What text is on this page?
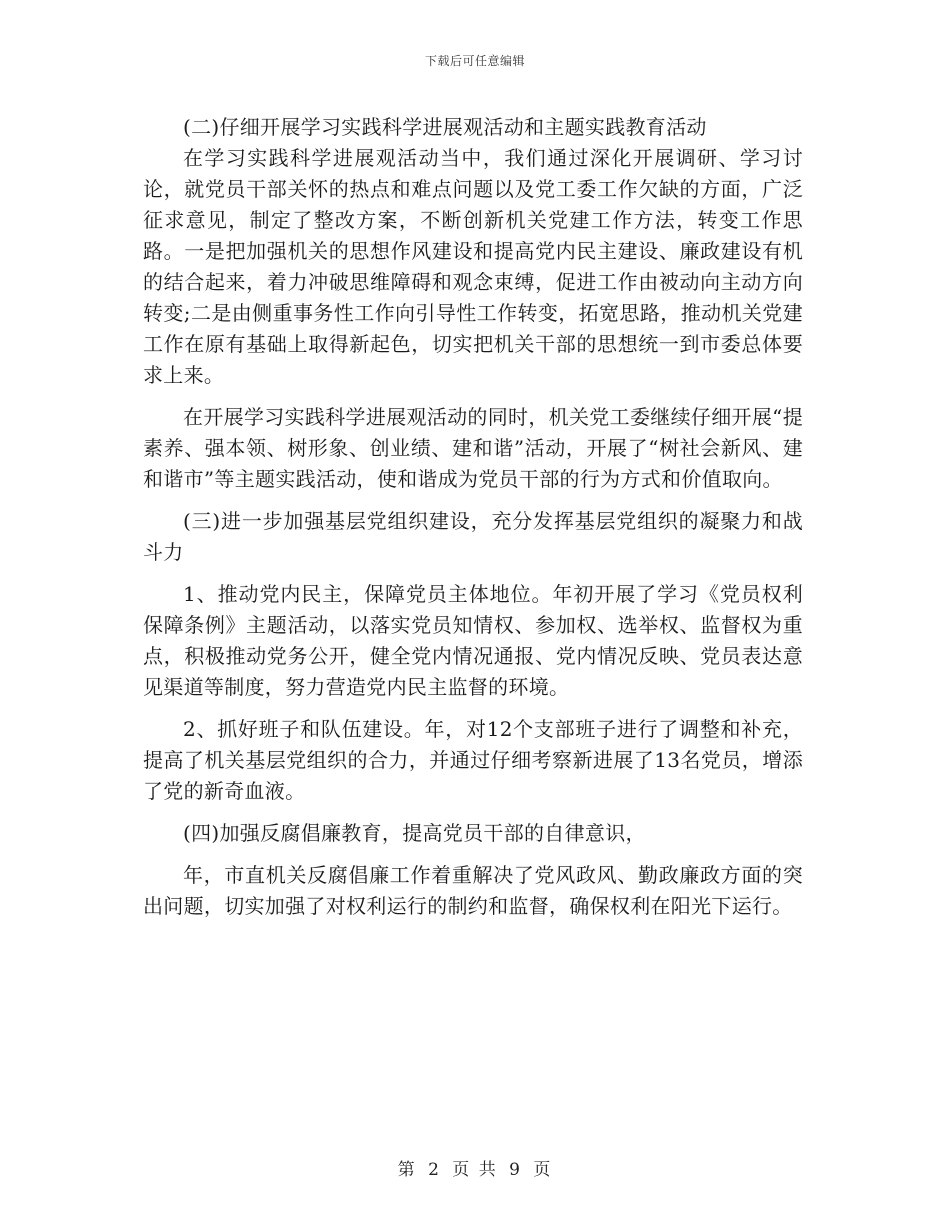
下载后可任意编辑

(二)仔细开展学习实践科学进展观活动和主题实践教育活动

在学习实践科学进展观活动当中，我们通过深化开展调研、学习讨论，就党员干部关怀的热点和难点问题以及党工委工作欠缺的方面，广泛征求意见，制定了整改方案，不断创新机关党建工作方法，转变工作思路。一是把加强机关的思想作风建设和提高党内民主建设、廉政建设有机的结合起来，着力冲破思维障碍和观念束缚，促进工作由被动向主动方向转变;二是由侧重事务性工作向引导性工作转变，拓宽思路，推动机关党建工作在原有基础上取得新起色，切实把机关干部的思想统一到市委总体要求上来。

在开展学习实践科学进展观活动的同时，机关党工委继续仔细开展“提素养、强本领、树形象、创业绩、建和谐”活动，开展了“树社会新风、建和谐市”等主题实践活动，使和谐成为党员干部的行为方式和价值取向。

(三)进一步加强基层党组织建设，充分发挥基层党组织的凝聚力和战斗力

1、推动党内民主，保障党员主体地位。年初开展了学习《党员权利保障条例》主题活动，以落实党员知情权、参加权、选举权、监督权为重点，积极推动党务公开，健全党内情况通报、党内情况反映、党员表达意见渠道等制度，努力营造党内民主监督的环境。

2、抓好班子和队伍建设。年，对12个支部班子进行了调整和补充，提高了机关基层党组织的合力，并通过仔细考察新进展了13名党员，增添了党的新奇血液。

(四)加强反腐倡廉教育，提高党员干部的自律意识，

年，市直机关反腐倡廉工作着重解决了党风政风、勤政廉政方面的突出问题，切实加强了对权利运行的制约和监督，确保权利在阳光下运行。

第 2 页 共 9 页
